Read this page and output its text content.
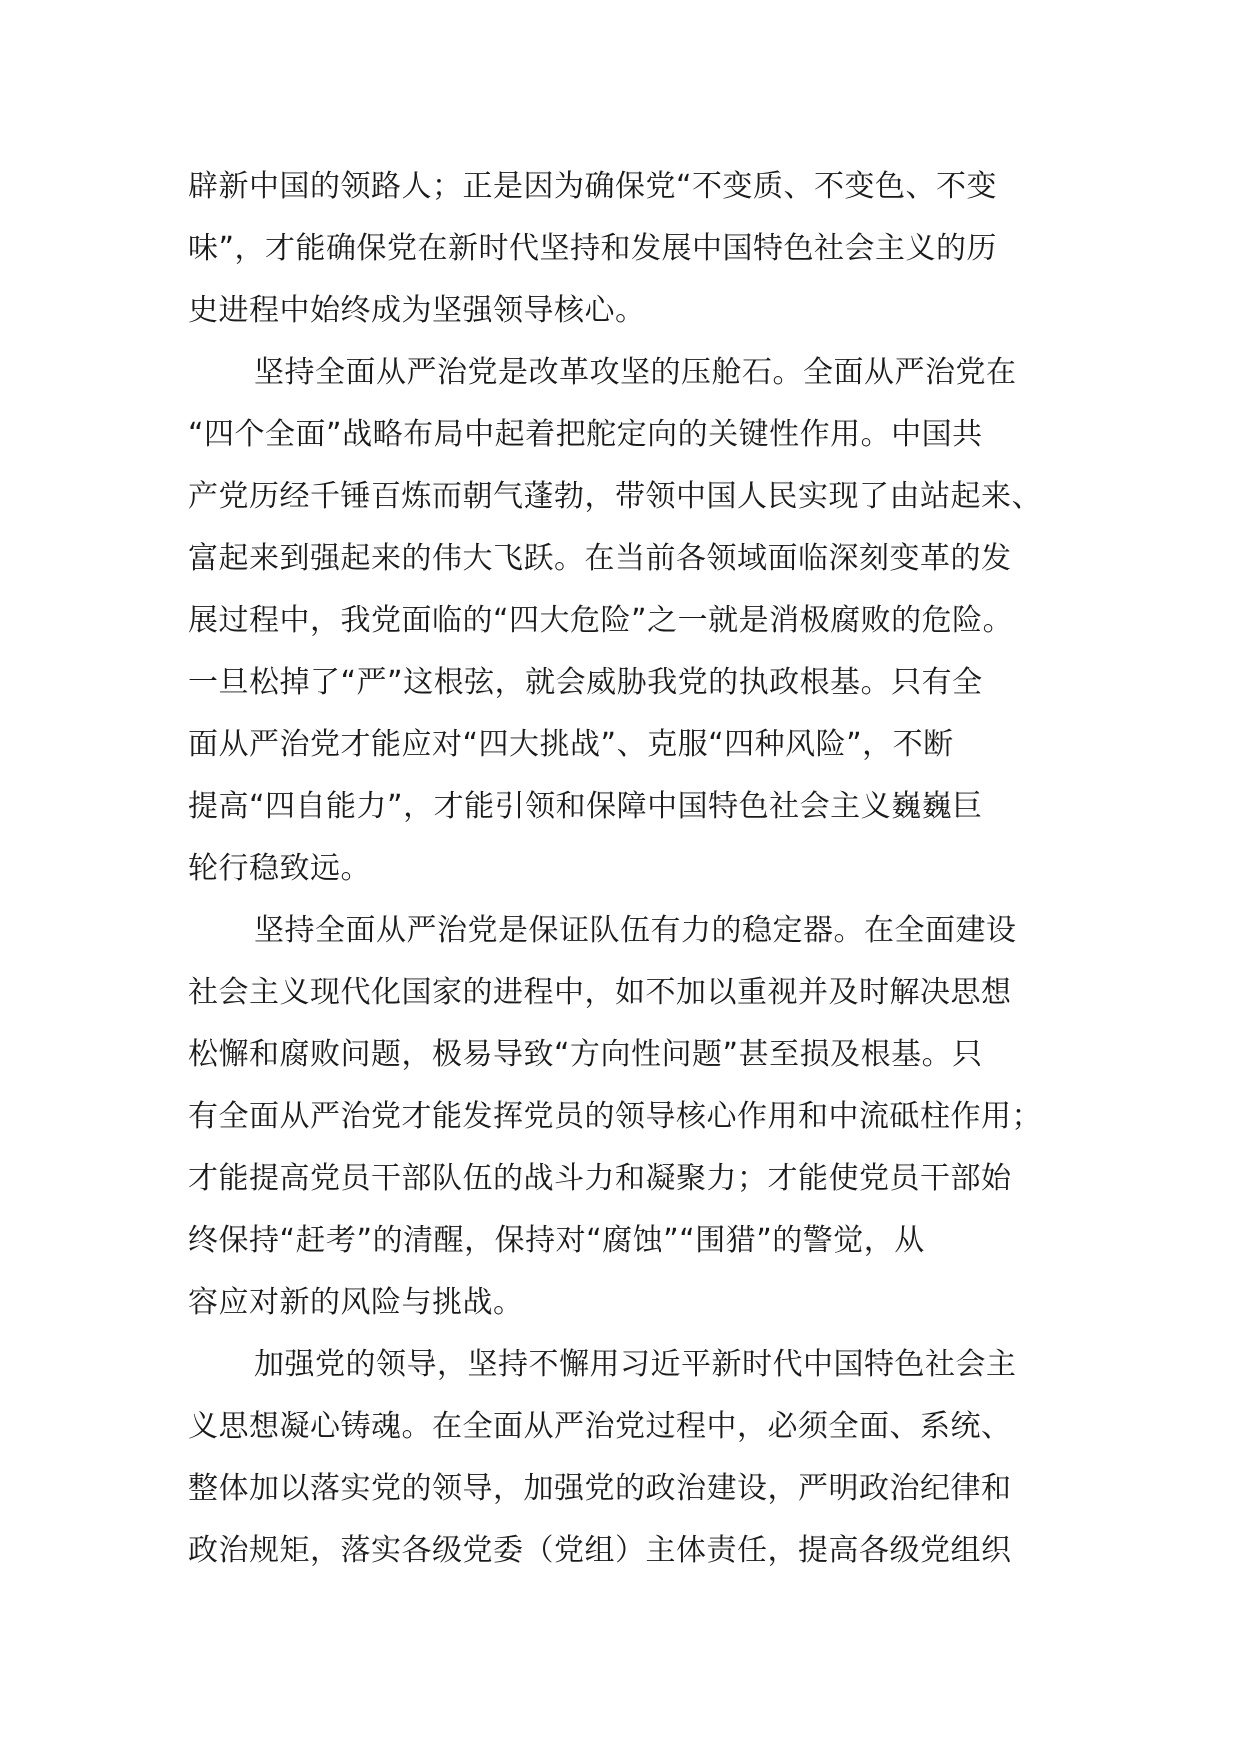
辟新中国的领路人；正是因为确保党“不变质、不变色、不变
味”，才能确保党在新时代坚持和发展中国特色社会主义的历
史进程中始终成为坚强领导核心。
坚持全面从严治党是改革攻坚的压舱石。全面从严治党在
“四个全面”战略布局中起着把舵定向的关键性作用。中国共
产党历经千锤百炼而朝气蓬勃，带领中国人民实现了由站起来、
富起来到强起来的伟大飞跃。在当前各领域面临深刻变革的发
展过程中，我党面临的“四大危险”之一就是消极腐败的危险。
一旦松掉了“严”这根弦，就会威胁我党的执政根基。只有全
面从严治党才能应对“四大挑战”、克服“四种风险”，不断
提高“四自能力”，才能引领和保障中国特色社会主义巍巍巨
轮行稳致远。
坚持全面从严治党是保证队伍有力的稳定器。在全面建设
社会主义现代化国家的进程中，如不加以重视并及时解决思想
松懈和腐败问题，极易导致“方向性问题”甚至损及根基。只
有全面从严治党才能发挥党员的领导核心作用和中流砥柱作用；
才能提高党员干部队伍的战斗力和凝聚力；才能使党员干部始
终保持“赶考”的清醒，保持对“腐蚀”“围猎”的警觉，从
容应对新的风险与挑战。
加强党的领导，坚持不懈用习近平新时代中国特色社会主
义思想凝心铸魂。在全面从严治党过程中，必须全面、系统、
整体加以落实党的领导，加强党的政治建设，严明政治纪律和
政治规矩，落实各级党委（党组）主体责任，提高各级党组织
